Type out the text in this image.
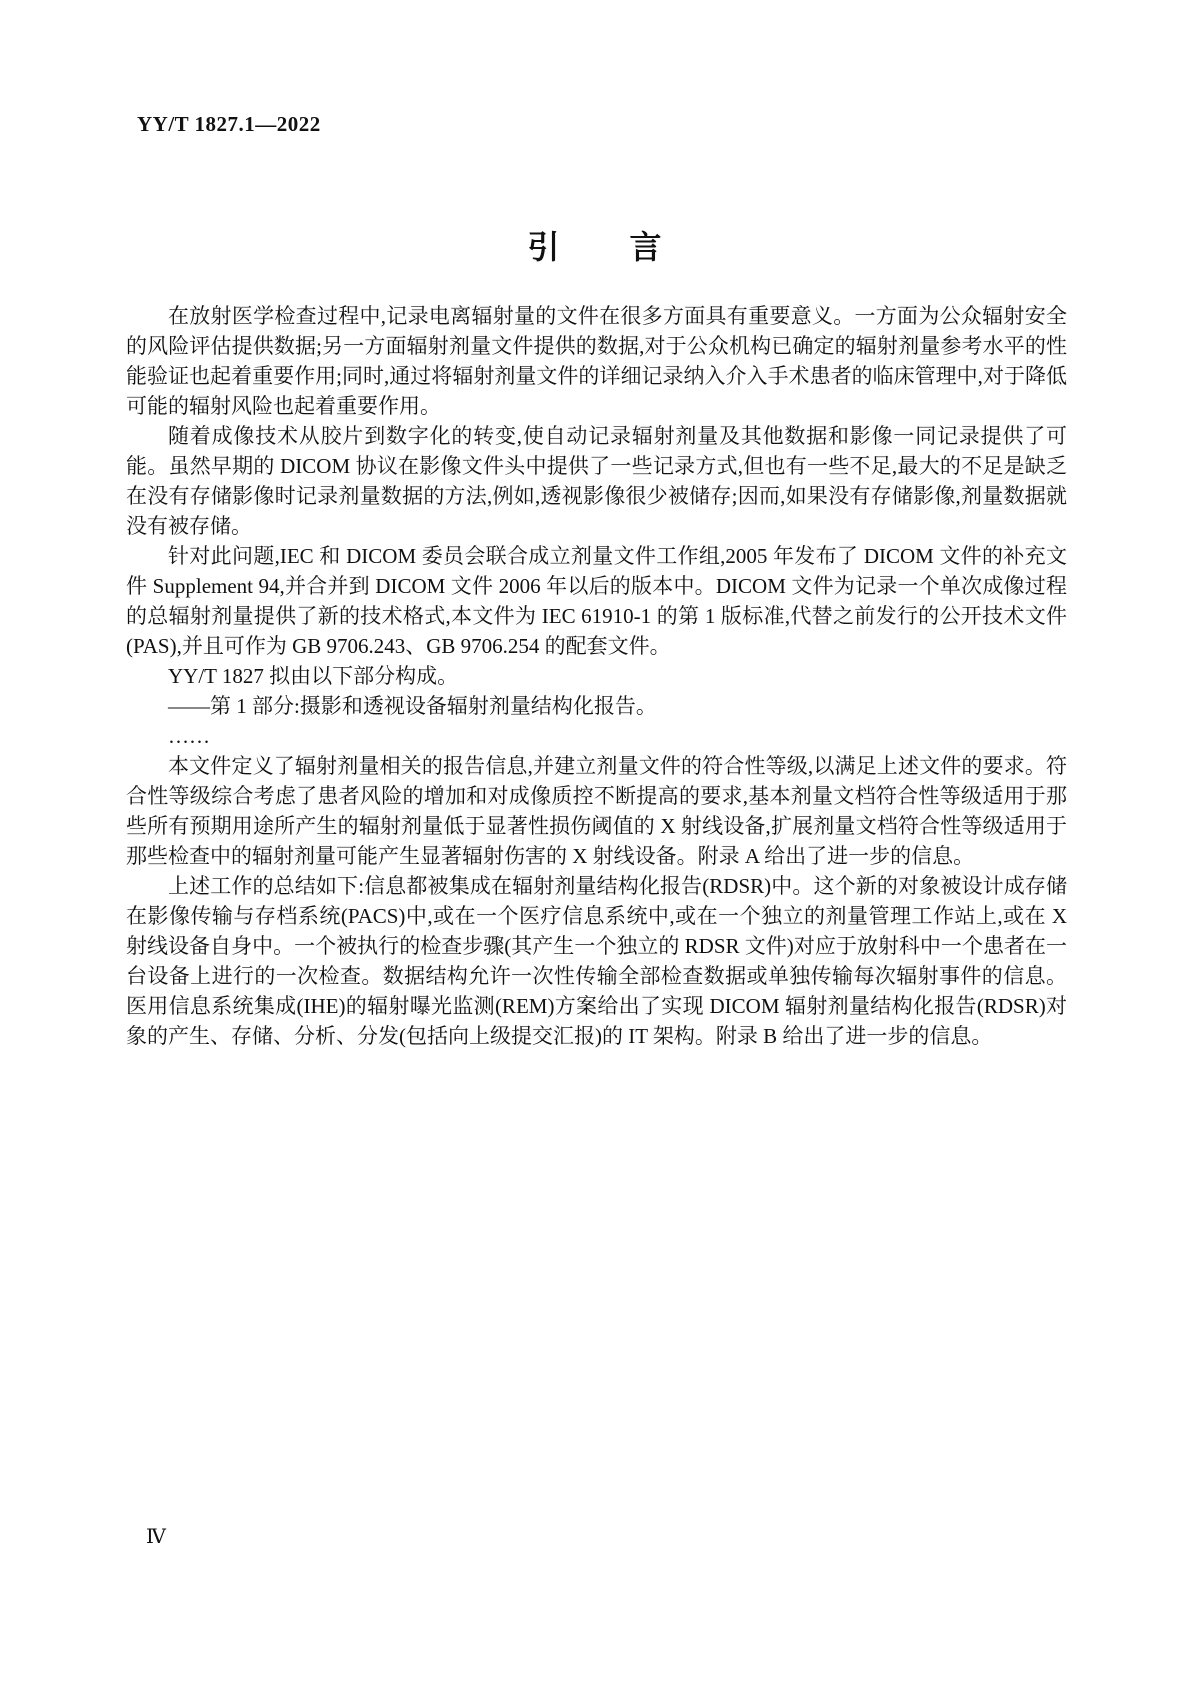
YY/T 1827.1—2022
引　　言

在放射医学检查过程中,记录电离辐射量的文件在很多方面具有重要意义。一方面为公众辐射安全的风险评估提供数据;另一方面辐射剂量文件提供的数据,对于公众机构已确定的辐射剂量参考水平的性能验证也起着重要作用;同时,通过将辐射剂量文件的详细记录纳入介入手术患者的临床管理中,对于降低可能的辐射风险也起着重要作用。

随着成像技术从胶片到数字化的转变,使自动记录辐射剂量及其他数据和影像一同记录提供了可能。虽然早期的 DICOM 协议在影像文件头中提供了一些记录方式,但也有一些不足,最大的不足是缺乏在没有存储影像时记录剂量数据的方法,例如,透视影像很少被储存;因而,如果没有存储影像,剂量数据就没有被存储。

针对此问题,IEC 和 DICOM 委员会联合成立剂量文件工作组,2005 年发布了 DICOM 文件的补充文件 Supplement 94,并合并到 DICOM 文件 2006 年以后的版本中。DICOM 文件为记录一个单次成像过程的总辐射剂量提供了新的技术格式,本文件为 IEC 61910-1 的第 1 版标准,代替之前发行的公开技术文件(PAS),并且可作为 GB 9706.243、GB 9706.254 的配套文件。

YY/T 1827 拟由以下部分构成。

——第 1 部分:摄影和透视设备辐射剂量结构化报告。

……

本文件定义了辐射剂量相关的报告信息,并建立剂量文件的符合性等级,以满足上述文件的要求。符合性等级综合考虑了患者风险的增加和对成像质控不断提高的要求,基本剂量文档符合性等级适用于那些所有预期用途所产生的辐射剂量低于显著性损伤阈值的 X 射线设备,扩展剂量文档符合性等级适用于那些检查中的辐射剂量可能产生显著辐射伤害的 X 射线设备。附录 A 给出了进一步的信息。

上述工作的总结如下:信息都被集成在辐射剂量结构化报告(RDSR)中。这个新的对象被设计成存储在影像传输与存档系统(PACS)中,或在一个医疗信息系统中,或在一个独立的剂量管理工作站上,或在 X 射线设备自身中。一个被执行的检查步骤(其产生一个独立的 RDSR 文件)对应于放射科中一个患者在一台设备上进行的一次检查。数据结构允许一次性传输全部检查数据或单独传输每次辐射事件的信息。医用信息系统集成(IHE)的辐射曝光监测(REM)方案给出了实现 DICOM 辐射剂量结构化报告(RDSR)对象的产生、存储、分析、分发(包括向上级提交汇报)的 IT 架构。附录 B 给出了进一步的信息。

Ⅳ
